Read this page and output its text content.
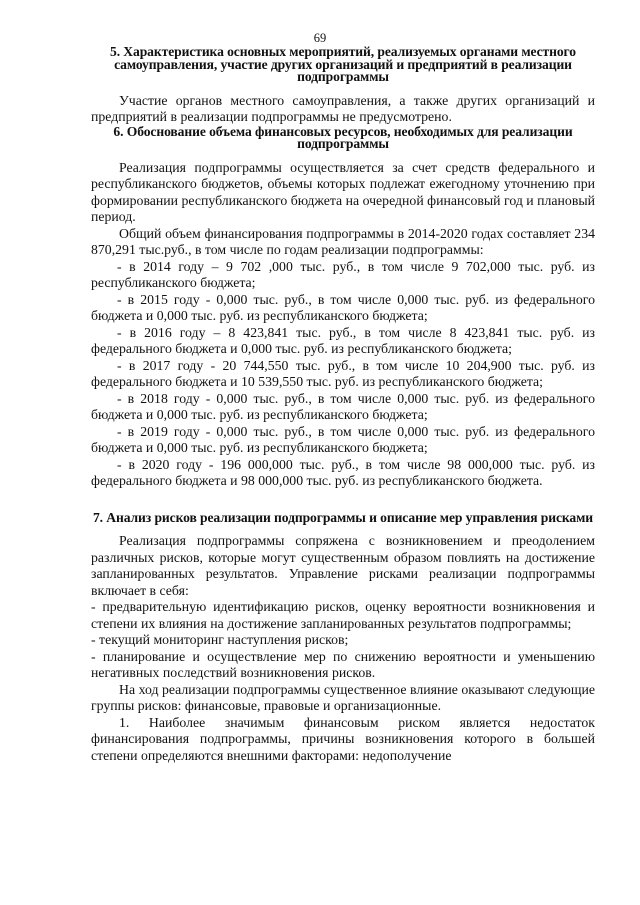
69
5. Характеристика основных мероприятий, реализуемых органами местного самоуправления, участие других организаций и предприятий в реализации подпрограммы

Участие органов местного самоуправления, а также других организаций и предприятий в реализации подпрограммы не предусмотрено.

6. Обоснование объема финансовых ресурсов, необходимых для реализации подпрограммы

Реализация подпрограммы осуществляется за счет средств федерального и республиканского бюджетов, объемы которых подлежат ежегодному уточнению при формировании республиканского бюджета на очередной финансовый год и плановый период.

Общий объем финансирования подпрограммы в 2014-2020 годах составляет 234 870,291 тыс.руб., в том числе по годам реализации подпрограммы:

- в 2014 году – 9 702 ,000 тыс. руб., в том числе 9 702,000 тыс. руб. из республиканского бюджета;

- в 2015 году - 0,000 тыс. руб., в том числе 0,000 тыс. руб. из федерального бюджета и 0,000 тыс. руб. из республиканского бюджета;

- в 2016 году – 8 423,841 тыс. руб., в том числе 8 423,841 тыс. руб. из федерального бюджета и 0,000 тыс. руб. из республиканского бюджета;

- в 2017 году - 20 744,550 тыс. руб., в том числе 10 204,900 тыс. руб. из федерального бюджета и 10 539,550 тыс. руб. из республиканского бюджета;

- в 2018 году - 0,000 тыс. руб., в том числе 0,000 тыс. руб. из федерального бюджета и 0,000 тыс. руб. из республиканского бюджета;

- в 2019 году - 0,000 тыс. руб., в том числе 0,000 тыс. руб. из федерального бюджета и 0,000 тыс. руб. из республиканского бюджета;

- в 2020 году - 196 000,000 тыс. руб., в том числе 98 000,000 тыс. руб. из федерального бюджета и 98 000,000 тыс. руб. из республиканского бюджета.

7. Анализ рисков реализации подпрограммы и описание мер управления рисками

Реализация подпрограммы сопряжена с возникновением и преодолением различных рисков, которые могут существенным образом повлиять на достижение запланированных результатов. Управление рисками реализации подпрограммы включает в себя:

- предварительную идентификацию рисков, оценку вероятности возникновения и степени их влияния на достижение запланированных результатов подпрограммы;

- текущий мониторинг наступления рисков;

- планирование и осуществление мер по снижению вероятности и уменьшению негативных последствий возникновения рисков.

На ход реализации подпрограммы существенное влияние оказывают следующие группы рисков: финансовые, правовые и организационные.

1. Наиболее значимым финансовым риском является недостаток финансирования подпрограммы, причины возникновения которого в большей степени определяются внешними факторами: недополучение
